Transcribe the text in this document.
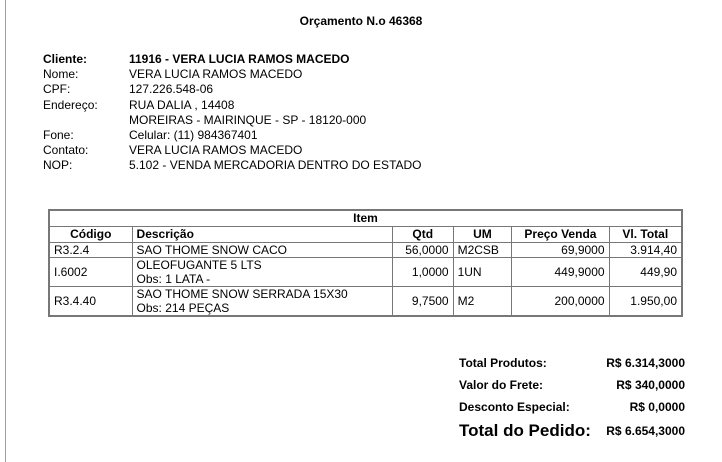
Orçamento N.o 46368
Cliente:	11916 - VERA LUCIA RAMOS MACEDO
Nome:	VERA LUCIA RAMOS MACEDO
CPF:	127.226.548-06
Endereço:	RUA DALIA , 14408
MOREIRAS - MAIRINQUE - SP - 18120-000
Fone:	Celular: (11) 984367401
Contato:	VERA LUCIA RAMOS MACEDO
NOP:	5.102 - VENDA MERCADORIA DENTRO DO ESTADO
Item					
Código	Descrição	Qtd	UM	Preço Venda	Vl. Total
R3.2.4	SAO THOME SNOW CACO	56,0000	M2CSB	69,9000	3.914,40
I.6002	OLEOFUGANTE 5 LTS
Obs: 1 LATA -	1,0000	1UN	449,9000	449,90
R3.4.40	SAO THOME SNOW SERRADA 15X30
Obs: 214 PEÇAS	9,7500	M2	200,0000	1.950,00
Total Produtos:	R$ 6.314,3000
Valor do Frete:	R$ 340,0000
Desconto Especial:	R$ 0,0000
Total do Pedido: R$ 6.654,3000
